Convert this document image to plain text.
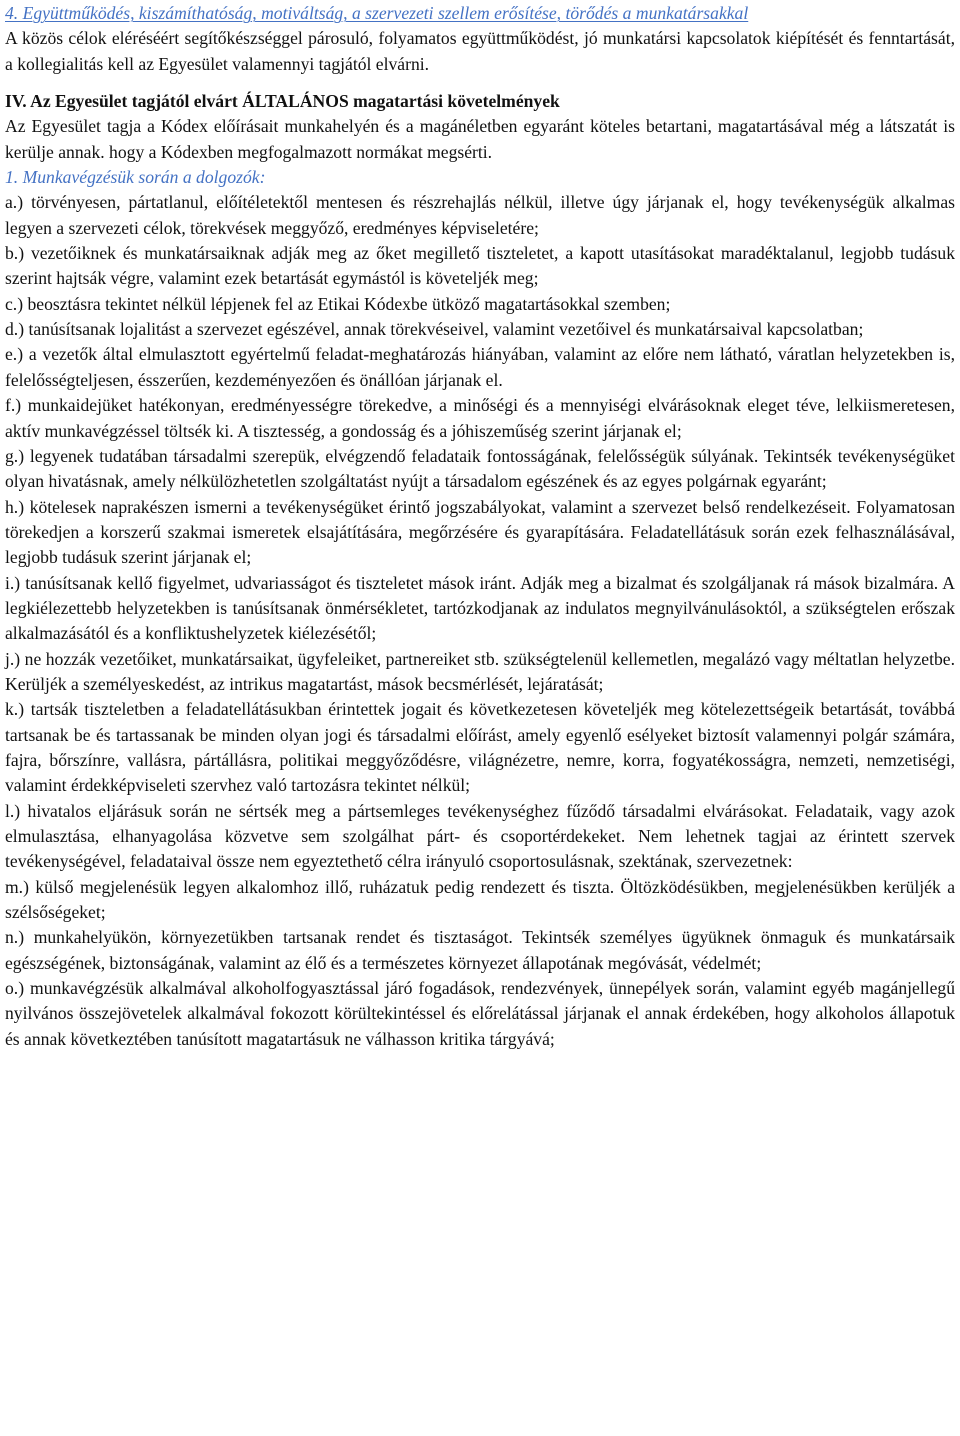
4. Együttműködés, kiszámíthatóság, motiváltság, a szervezeti szellem erősítése, törődés a munkatársakkal

A közös célok eléréséért segítőkészséggel párosuló, folyamatos együttműködést, jó munkatársi kapcsolatok kiépítését és fenntartását, a kollegialitás kell az Egyesület valamennyi tagjától elvárni.

IV. Az Egyesület tagjától elvárt ÁLTALÁNOS magatartási követelmények

Az Egyesület tagja a Kódex előírásait munkahelyén és a magánéletben egyaránt köteles betartani, magatartásával még a látszatát is kerülje annak. hogy a Kódexben megfogalmazott normákat megsérti.

1. Munkavégzésük során a dolgozók:

a.) törvényesen, pártatlanul, előítéletektől mentesen és részrehajlás nélkül, illetve úgy járjanak el, hogy tevékenységük alkalmas legyen a szervezeti célok, törekvések meggyőző, eredményes képviseletére;

b.) vezetőiknek és munkatársaiknak adják meg az őket megillető tiszteletet, a kapott utasításokat maradéktalanul, legjobb tudásuk szerint hajtsák végre, valamint ezek betartását egymástól is követeljék meg;

c.) beosztásra tekintet nélkül lépjenek fel az Etikai Kódexbe ütköző magatartásokkal szemben;

d.) tanúsítsanak lojalitást a szervezet egészével, annak törekvéseivel, valamint vezetőivel és munkatársaival kapcsolatban;

e.) a vezetők által elmulasztott egyértelmű feladat-meghatározás hiányában, valamint az előre nem látható, váratlan helyzetekben is, felelősségteljesen, ésszerűen, kezdeményezően és önállóan járjanak el.

f.) munkaidejüket hatékonyan, eredményességre törekedve, a minőségi és a mennyiségi elvárásoknak eleget téve, lelkiismeretesen, aktív munkavégzéssel töltsék ki. A tisztesség, a gondosság és a jóhiszeműség szerint járjanak el;

g.) legyenek tudatában társadalmi szerepük, elvégzendő feladataik fontosságának, felelősségük súlyának. Tekintsék tevékenységüket olyan hivatásnak, amely nélkülözhetetlen szolgáltatást nyújt a társadalom egészének és az egyes polgárnak egyaránt;

h.) kötelesek naprakészen ismerni a tevékenységüket érintő jogszabályokat, valamint a szervezet belső rendelkezéseit. Folyamatosan törekedjen a korszerű szakmai ismeretek elsajátítására, megőrzésére és gyarapítására. Feladatellátásuk során ezek felhasználásával, legjobb tudásuk szerint járjanak el;

i.) tanúsítsanak kellő figyelmet, udvariasságot és tiszteletet mások iránt. Adják meg a bizalmat és szolgáljanak rá mások bizalmára. A legkiélezettebb helyzetekben is tanúsítsanak önmérsékletet, tartózkodjanak az indulatos megnyilvánulásoktól, a szükségtelen erőszak alkalmazásától és a konfliktushelyzetek kiélezésétől;

j.) ne hozzák vezetőiket, munkatársaikat, ügyfeleiket, partnereiket stb. szükségtelenül kellemetlen, megalázó vagy méltatlan helyzetbe. Kerüljék a személyeskedést, az intrikus magatartást, mások becsmérlését, lejáratását;

k.) tartsák tiszteletben a feladatellátásukban érintettek jogait és következetesen követeljék meg kötelezettségeik betartását, továbbá tartsanak be és tartassanak be minden olyan jogi és társadalmi előírást, amely egyenlő esélyeket biztosít valamennyi polgár számára, fajra, bőrszínre, vallásra, pártállásra, politikai meggyőződésre, világnézetre, nemre, korra, fogyatékosságra, nemzeti, nemzetiségi, valamint érdekképviseleti szervhez való tartozásra tekintet nélkül;

l.) hivatalos eljárásuk során ne sértsék meg a pártsemleges tevékenységhez fűződő társadalmi elvárásokat. Feladataik, vagy azok elmulasztása, elhanyagolása közvetve sem szolgálhat párt- és csoportérdekeket. Nem lehetnek tagjai az érintett szervek tevékenységével, feladataival össze nem egyeztethető célra irányuló csoportosulásnak, szektának, szervezetnek:

m.) külső megjelenésük legyen alkalomhoz illő, ruházatuk pedig rendezett és tiszta. Öltözködésükben, megjelenésükben kerüljék a szélsőségeket;

n.) munkahelyükön, környezetükben tartsanak rendet és tisztaságot. Tekintsék személyes ügyüknek önmaguk és munkatársaik egészségének, biztonságának, valamint az élő és a természetes környezet állapotának megóvását, védelmét;

o.) munkavégzésük alkalmával alkoholfogyasztással járó fogadások, rendezvények, ünnepélyek során, valamint egyéb magánjellegű nyilvános összejövetelek alkalmával fokozott körültekintéssel és előrelátással járjanak el annak érdekében, hogy alkoholos állapotuk és annak következtében tanúsított magatartásuk ne válhasson kritika tárgyává;
